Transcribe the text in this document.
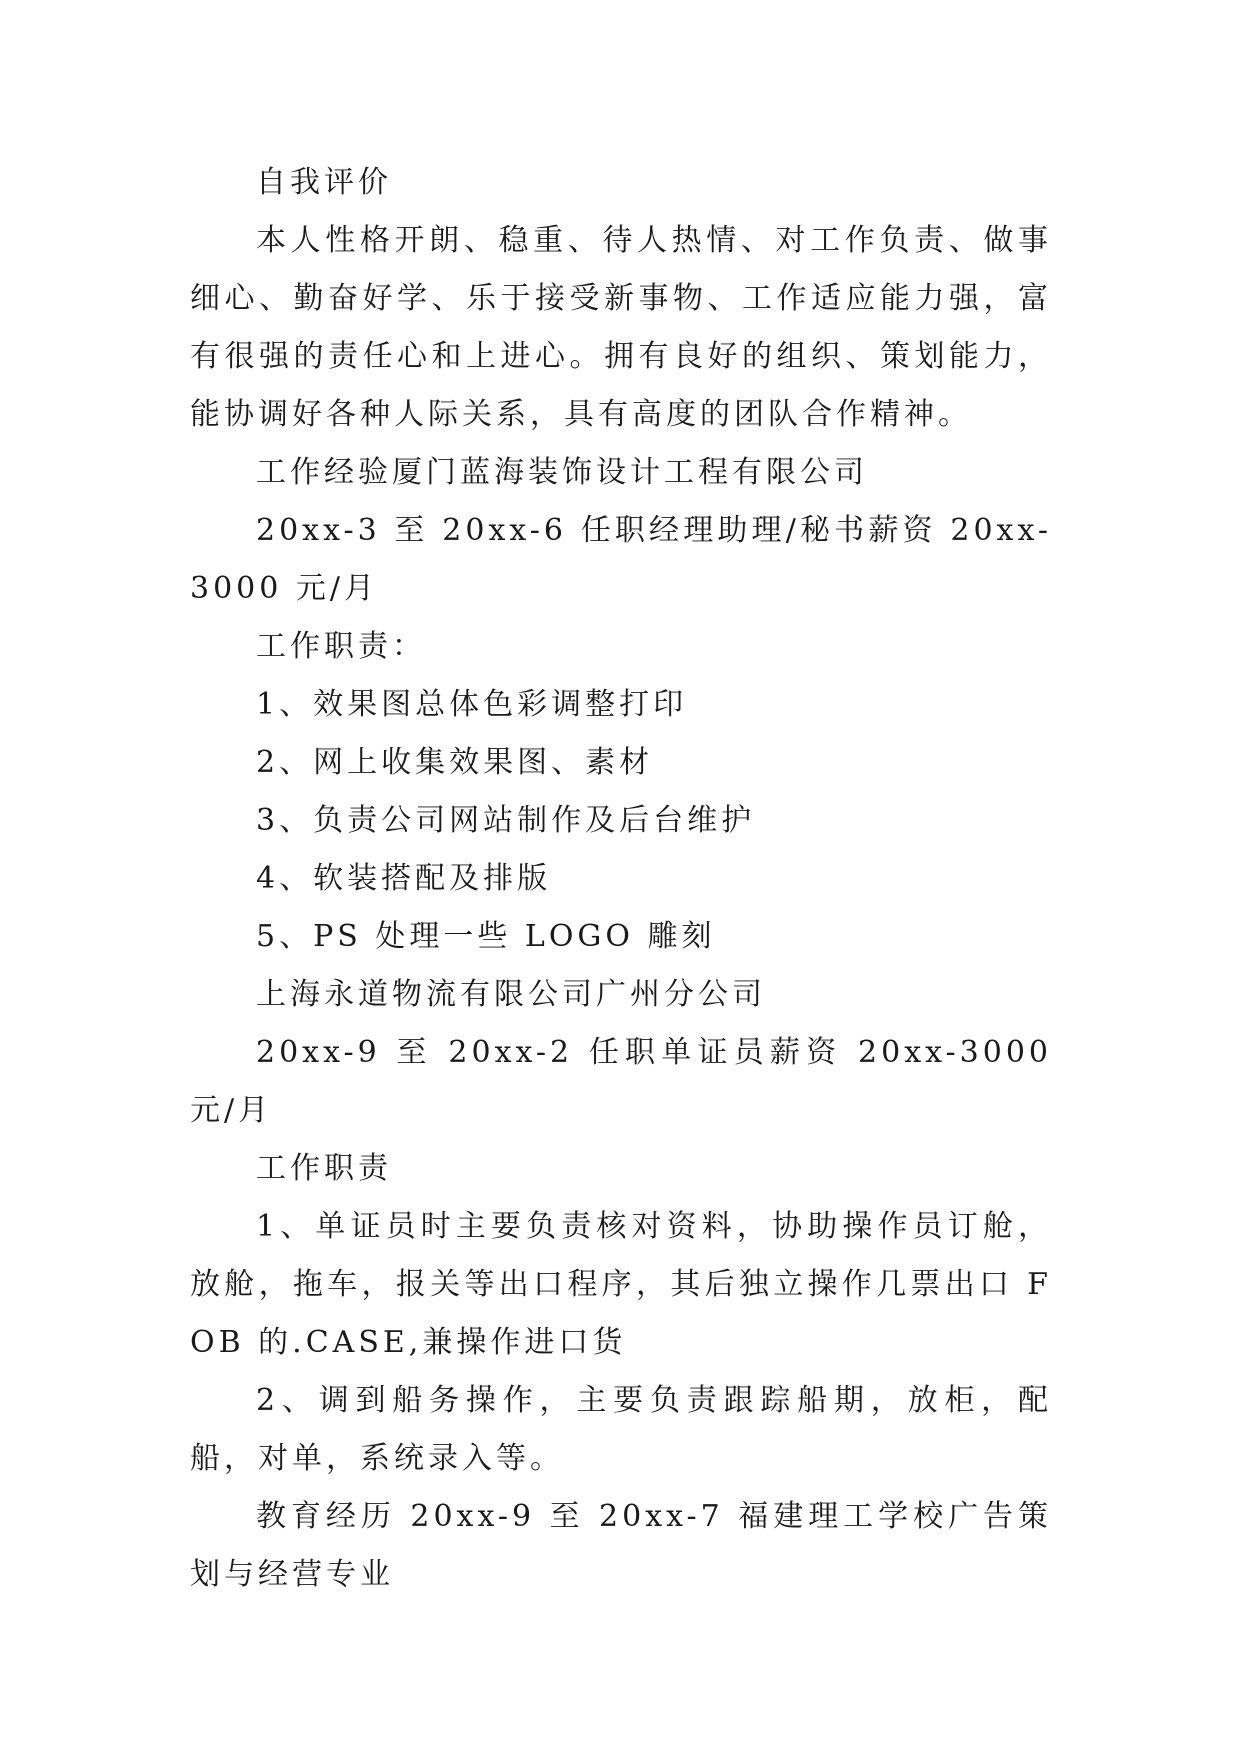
自我评价

本人性格开朗、稳重、待人热情、对工作负责、做事细心、勤奋好学、乐于接受新事物、工作适应能力强，富有很强的责任心和上进心。拥有良好的组织、策划能力，能协调好各种人际关系，具有高度的团队合作精神。

工作经验厦门蓝海装饰设计工程有限公司

20xx-3 至 20xx-6 任职经理助理/秘书薪资 20xx-3000 元/月

工作职责：

1、效果图总体色彩调整打印

2、网上收集效果图、素材

3、负责公司网站制作及后台维护

4、软装搭配及排版

5、PS 处理一些 LOGO 雕刻

上海永道物流有限公司广州分公司

20xx-9 至 20xx-2 任职单证员薪资 20xx-3000 元/月

工作职责

1、单证员时主要负责核对资料，协助操作员订舱，放舱，拖车，报关等出口程序，其后独立操作几票出口 FOB 的.CASE,兼操作进口货

2、调到船务操作，主要负责跟踪船期，放柜，配船，对单，系统录入等。

教育经历 20xx-9 至 20xx-7 福建理工学校广告策划与经营专业
